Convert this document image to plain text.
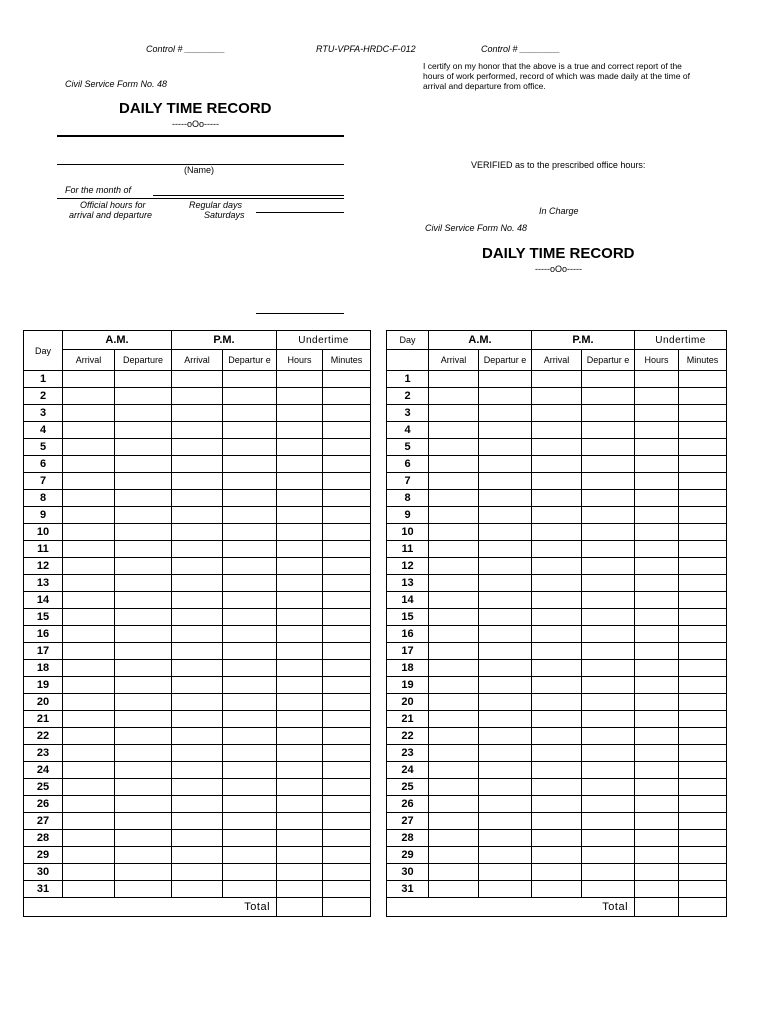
Control # ________	RTU-VPFA-HRDC-F-012	Control # ________
Civil Service Form No. 48
DAILY TIME RECORD
-----oOo-----
(Name)
For the month of
Official hours for
arrival and departure
Regular days
Saturdays
I certify on my honor that the above is a true and correct report of the hours of work performed, record of which was made daily at the time of arrival and departure from office.
VERIFIED as to the prescribed office hours:
In Charge
Civil Service Form No. 48
DAILY TIME RECORD
-----oOo-----
Day	A.M.		P.M.		Undertime	
	Arrival	Departure	Arrival	Departur e	Hours	Minutes
1						
2						
3						
4						
5						
6						
7						
8						
9						
10						
11						
12						
13						
14						
15						
16						
17						
18						
19						
20						
21						
22						
23						
24						
25						
26						
27						
28						
29						
30						
31						
Total						
Day	A.M.		P.M.		Undertime	
	Arrival	Departur e	Arrival	Departur e	Hours	Minutes
1						
2						
3						
4						
5						
6						
7						
8						
9						
10						
11						
12						
13						
14						
15						
16						
17						
18						
19						
20						
21						
22						
23						
24						
25						
26						
27						
28						
29						
30						
31						
Total						
